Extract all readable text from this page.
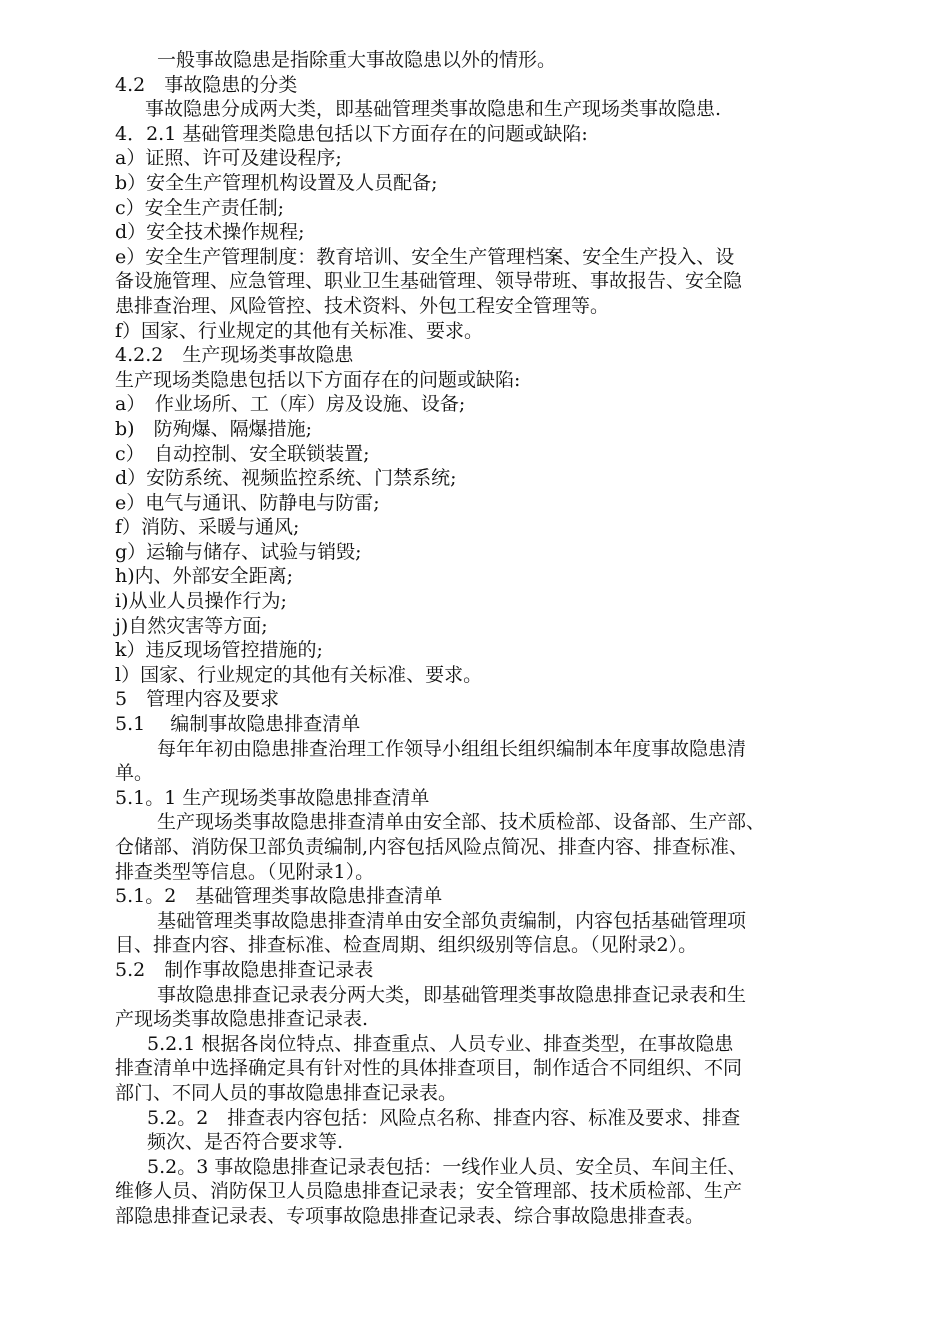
一般事故隐患是指除重大事故隐患以外的情形。
4.2　事故隐患的分类
事故隐患分成两大类，即基础管理类事故隐患和生产现场类事故隐患.
4．2.1 基础管理类隐患包括以下方面存在的问题或缺陷:
a）证照、许可及建设程序;
b）安全生产管理机构设置及人员配备;
c）安全生产责任制;
d）安全技术操作规程;
e）安全生产管理制度：教育培训、安全生产管理档案、安全生产投入、设
备设施管理、应急管理、职业卫生基础管理、领导带班、事故报告、安全隐
患排查治理、风险管控、技术资料、外包工程安全管理等。
f）国家、行业规定的其他有关标准、要求。
4.2.2　生产现场类事故隐患
生产现场类隐患包括以下方面存在的问题或缺陷:
a）　作业场所、工（库）房及设施、设备;
b)　防殉爆、隔爆措施;
c）　自动控制、安全联锁装置;
d）安防系统、视频监控系统、门禁系统;
e）电气与通讯、防静电与防雷;
f）消防、采暖与通风;
g）运输与储存、试验与销毁;
h)内、外部安全距离;
i)从业人员操作行为;
j)自然灾害等方面;
k）违反现场管控措施的;
l）国家、行业规定的其他有关标准、要求。
5　管理内容及要求
5.1　 编制事故隐患排查清单
每年年初由隐患排查治理工作领导小组组长组织编制本年度事故隐患清
单。
5.1。1 生产现场类事故隐患排查清单
生产现场类事故隐患排查清单由安全部、技术质检部、设备部、生产部、
仓储部、消防保卫部负责编制,内容包括风险点简况、排查内容、排查标准、
排查类型等信息。（见附录1）。
5.1。2　基础管理类事故隐患排查清单
基础管理类事故隐患排查清单由安全部负责编制，内容包括基础管理项
目、排查内容、排查标准、检查周期、组织级别等信息。（见附录2）。
5.2　制作事故隐患排查记录表
事故隐患排查记录表分两大类，即基础管理类事故隐患排查记录表和生
产现场类事故隐患排查记录表.
5.2.1 根据各岗位特点、排查重点、人员专业、排查类型，在事故隐患
排查清单中选择确定具有针对性的具体排查项目，制作适合不同组织、不同
部门、不同人员的事故隐患排查记录表。
5.2。2　排查表内容包括：风险点名称、排查内容、标准及要求、排查
频次、是否符合要求等.
5.2。3 事故隐患排查记录表包括：一线作业人员、安全员、车间主任、
维修人员、消防保卫人员隐患排查记录表；安全管理部、技术质检部、生产
部隐患排查记录表、专项事故隐患排查记录表、综合事故隐患排查表。
